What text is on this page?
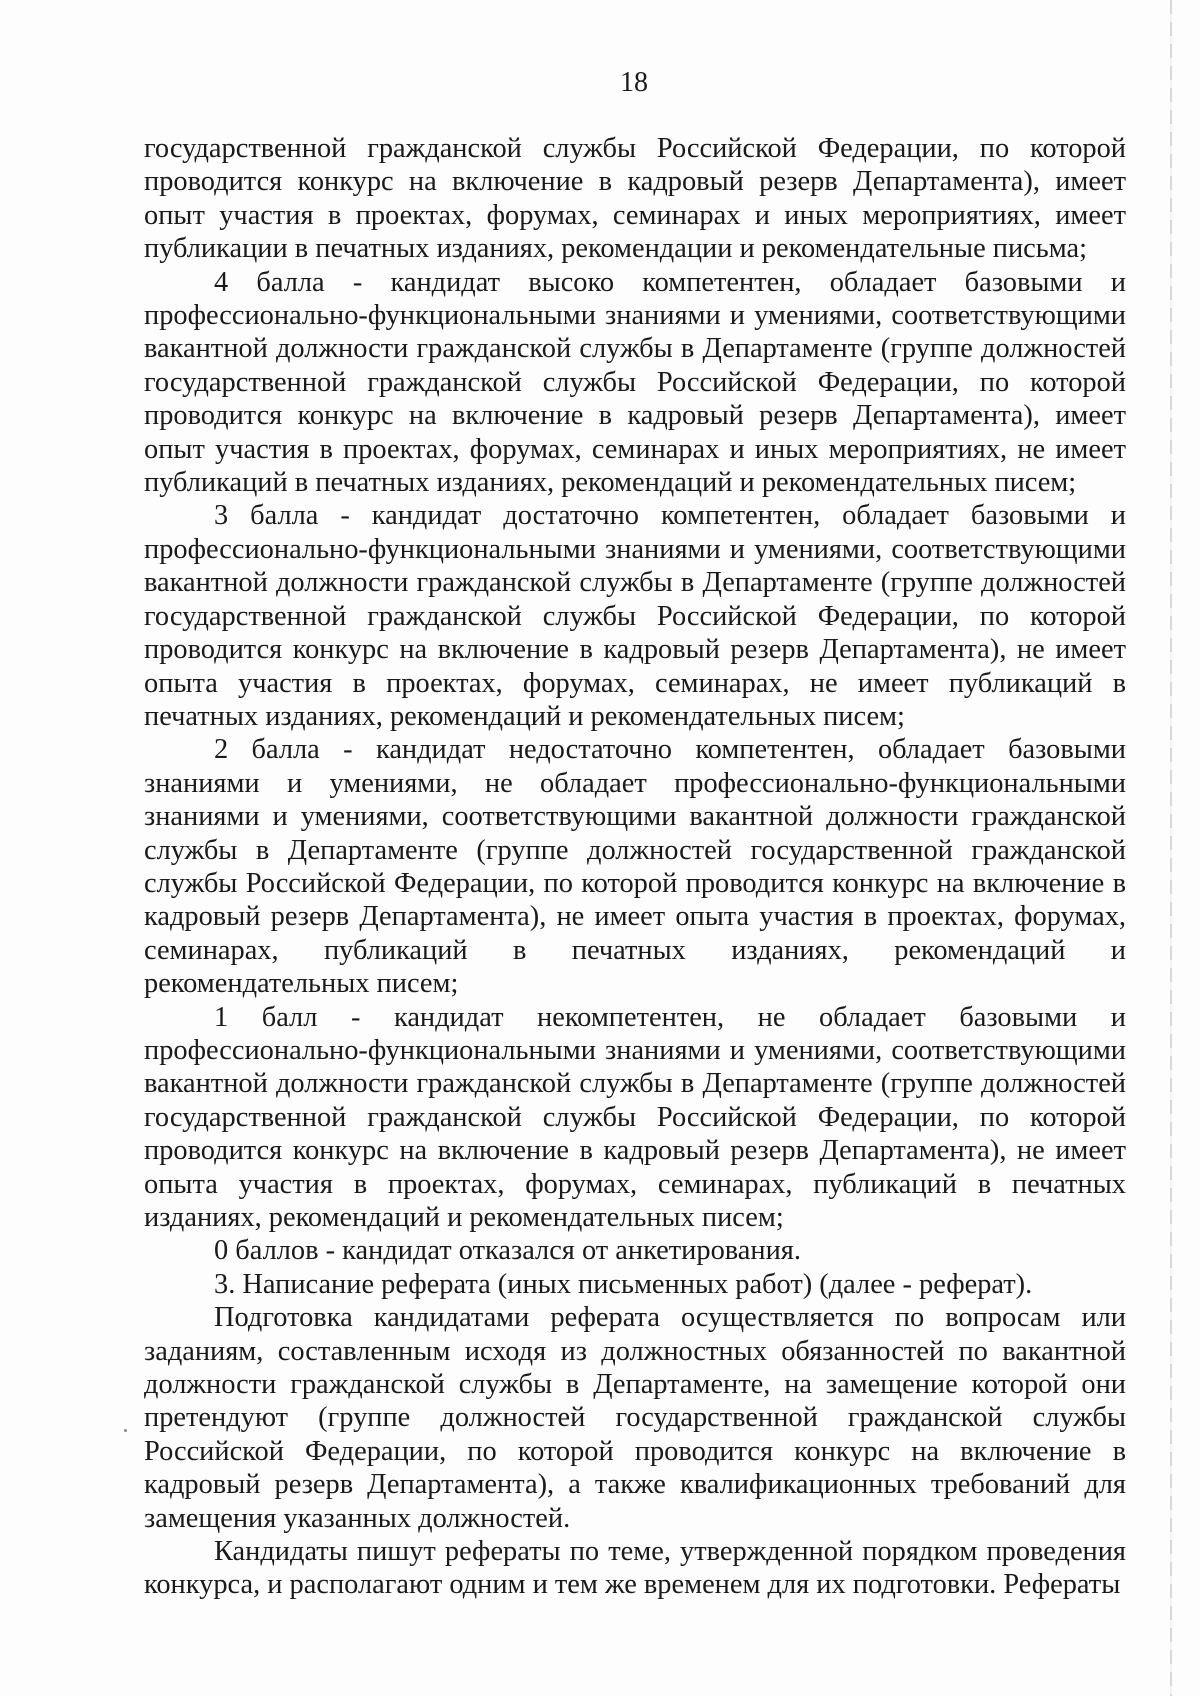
18

государственной гражданской службы Российской Федерации, по которой проводится конкурс на включение в кадровый резерв Департамента), имеет опыт участия в проектах, форумах, семинарах и иных мероприятиях, имеет публикации в печатных изданиях, рекомендации и рекомендательные письма;

4 балла - кандидат высоко компетентен, обладает базовыми и профессионально-функциональными знаниями и умениями, соответствующими вакантной должности гражданской службы в Департаменте (группе должностей государственной гражданской службы Российской Федерации, по которой проводится конкурс на включение в кадровый резерв Департамента), имеет опыт участия в проектах, форумах, семинарах и иных мероприятиях, не имеет публикаций в печатных изданиях, рекомендаций и рекомендательных писем;

3 балла - кандидат достаточно компетентен, обладает базовыми и профессионально-функциональными знаниями и умениями, соответствующими вакантной должности гражданской службы в Департаменте (группе должностей государственной гражданской службы Российской Федерации, по которой проводится конкурс на включение в кадровый резерв Департамента), не имеет опыта участия в проектах, форумах, семинарах, не имеет публикаций в печатных изданиях, рекомендаций и рекомендательных писем;

2 балла - кандидат недостаточно компетентен, обладает базовыми знаниями и умениями, не обладает профессионально-функциональными знаниями и умениями, соответствующими вакантной должности гражданской службы в Департаменте (группе должностей государственной гражданской службы Российской Федерации, по которой проводится конкурс на включение в кадровый резерв Департамента), не имеет опыта участия в проектах, форумах, семинарах, публикаций в печатных изданиях, рекомендаций и рекомендательных писем;

1 балл - кандидат некомпетентен, не обладает базовыми и профессионально-функциональными знаниями и умениями, соответствующими вакантной должности гражданской службы в Департаменте (группе должностей государственной гражданской службы Российской Федерации, по которой проводится конкурс на включение в кадровый резерв Департамента), не имеет опыта участия в проектах, форумах, семинарах, публикаций в печатных изданиях, рекомендаций и рекомендательных писем;

0 баллов - кандидат отказался от анкетирования.

3. Написание реферата (иных письменных работ) (далее - реферат).

Подготовка кандидатами реферата осуществляется по вопросам или заданиям, составленным исходя из должностных обязанностей по вакантной должности гражданской службы в Департаменте, на замещение которой они претендуют (группе должностей государственной гражданской службы Российской Федерации, по которой проводится конкурс на включение в кадровый резерв Департамента), а также квалификационных требований для замещения указанных должностей.

Кандидаты пишут рефераты по теме, утвержденной порядком проведения конкурса, и располагают одним и тем же временем для их подготовки. Рефераты
